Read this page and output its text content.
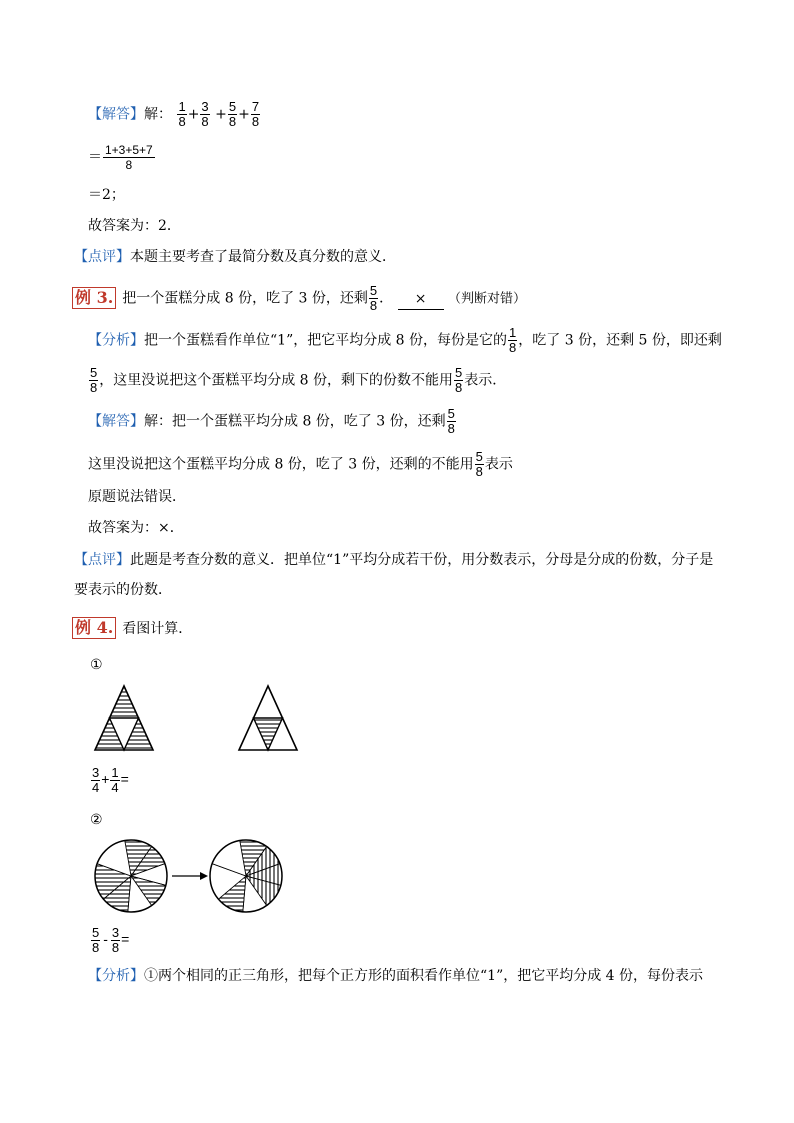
【解答】解： $\frac{1}{8} + \frac{3}{8} + \frac{5}{8} + \frac{7}{8}$
＝ $\frac{1+3+5+7}{8}$
＝2；
故答案为：2．
【点评】本题主要考查了最简分数及真分数的意义．
例 3. 把一个蛋糕分成 8 份，吃了 3 份，还剩 $\frac{5}{8}$ ． × （判断对错）
【分析】把一个蛋糕看作单位“1”，把它平均分成 8 份，每份是它的 $\frac{1}{8}$ ，吃了 3 份，还剩 5 份，即还剩
$\frac{5}{8}$ ，这里没说把这个蛋糕平均分成 8 份，剩下的份数不能用 $\frac{5}{8}$ 表示．
【解答】解：把一个蛋糕平均分成 8 份，吃了 3 份，还剩 $\frac{5}{8}$
这里没说把这个蛋糕平均分成 8 份，吃了 3 份，还剩的不能用 $\frac{5}{8}$ 表示
原题说法错误．
故答案为：×．
【点评】此题是考查分数的意义．把单位“1”平均分成若干份，用分数表示，分母是分成的份数，分子是
要表示的份数．
例 4. 看图计算．
①
$\frac{3}{4} + \frac{1}{4}$ =
②
$\frac{5}{8} - \frac{3}{8}$ =
【分析】①两个相同的正三角形，把每个正方形的面积看作单位“1”，把它平均分成 4 份，每份表示
